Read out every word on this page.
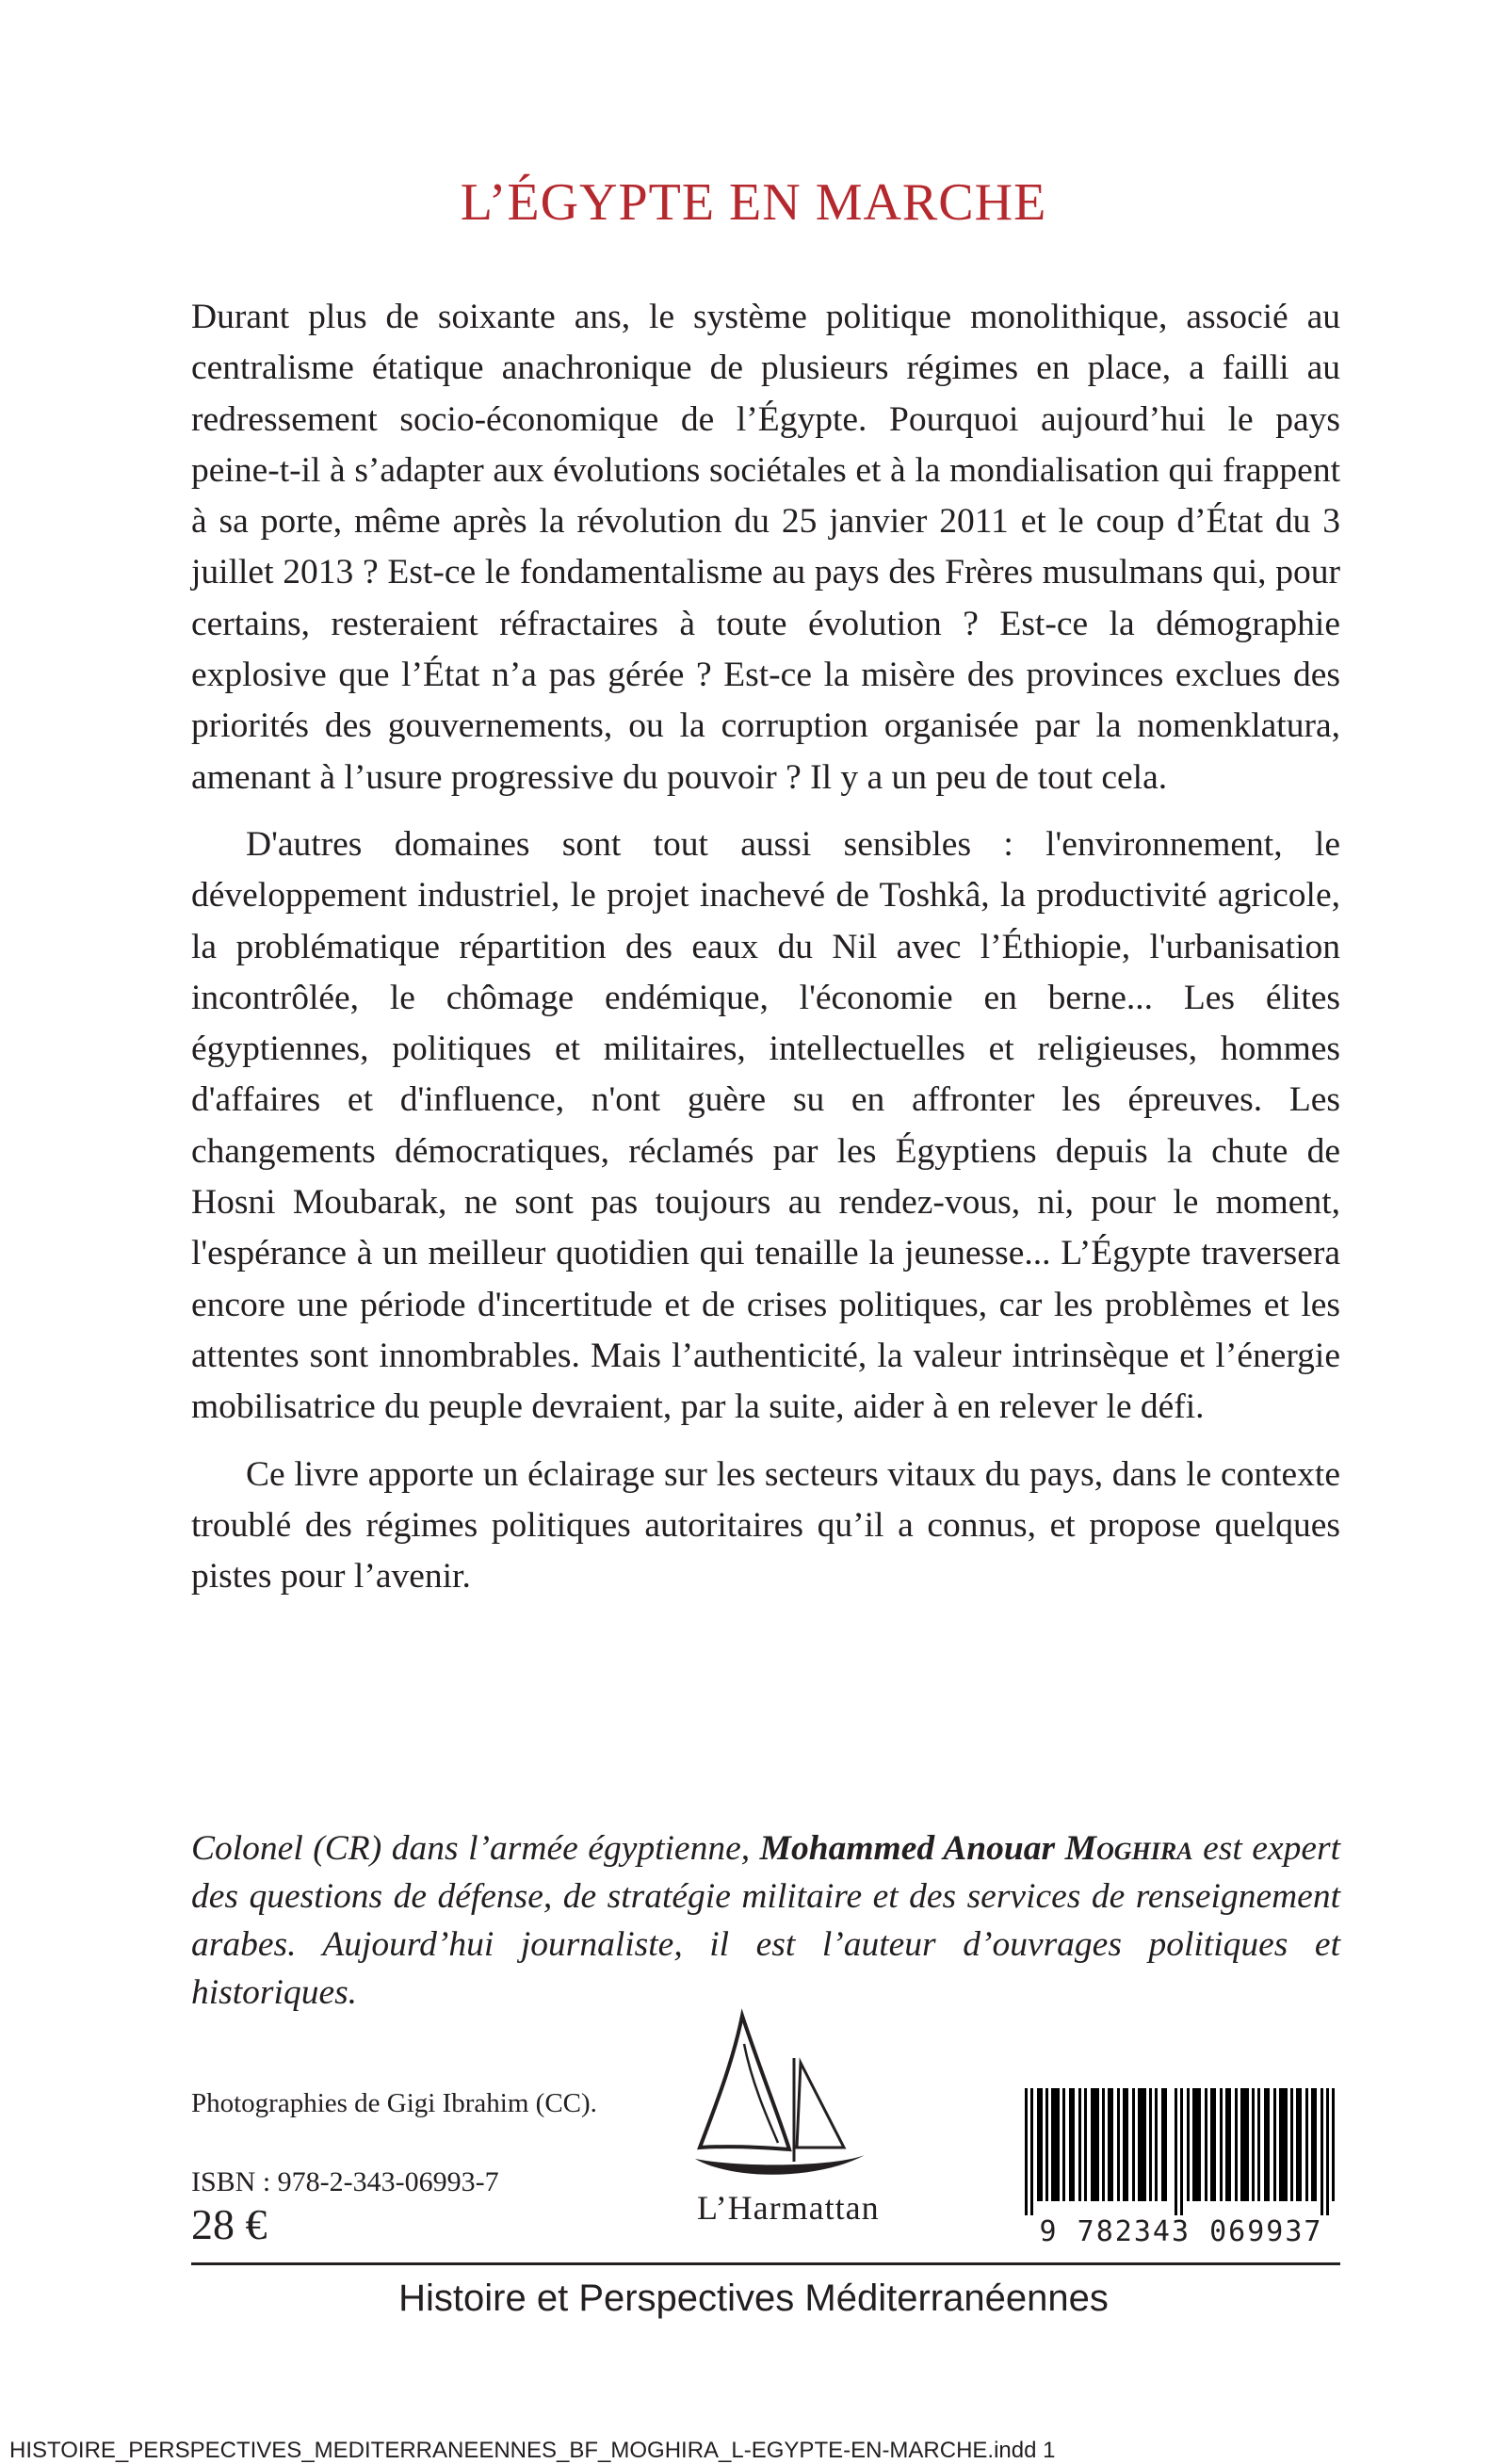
L’ÉGYPTE EN MARCHE

Durant plus de soixante ans, le système politique monolithique, associé au centralisme étatique anachronique de plusieurs régimes en place, a failli au redressement socio-économique de l’Égypte. Pourquoi aujourd’hui le pays peine-t-il à s’adapter aux évolutions sociétales et à la mondialisation qui frappent à sa porte, même après la révolution du 25 janvier 2011 et le coup d’État du 3 juillet 2013 ? Est-ce le fondamentalisme au pays des Frères musulmans qui, pour certains, resteraient réfractaires à toute évolution ? Est-ce la démographie explosive que l’État n’a pas gérée ? Est-ce la misère des provinces exclues des priorités des gouvernements, ou la corruption organisée par la nomenklatura, amenant à l’usure progressive du pouvoir ? Il y a un peu de tout cela.

D'autres domaines sont tout aussi sensibles : l'environnement, le développement industriel, le projet inachevé de Toshkâ, la productivité agricole, la problématique répartition des eaux du Nil avec l’Éthiopie, l'urbanisation incontrôlée, le chômage endémique, l'économie en berne... Les élites égyptiennes, politiques et militaires, intellectuelles et religieuses, hommes d'affaires et d'influence, n'ont guère su en affronter les épreuves. Les changements démocratiques, réclamés par les Égyptiens depuis la chute de Hosni Moubarak, ne sont pas toujours au rendez-vous, ni, pour le moment, l'espérance à un meilleur quotidien qui tenaille la jeunesse... L’Égypte traversera encore une période d'incertitude et de crises politiques, car les problèmes et les attentes sont innombrables. Mais l’authenticité, la valeur intrinsèque et l’énergie mobilisatrice du peuple devraient, par la suite, aider à en relever le défi.

Ce livre apporte un éclairage sur les secteurs vitaux du pays, dans le contexte troublé des régimes politiques autoritaires qu’il a connus, et propose quelques pistes pour l’avenir.

Colonel (CR) dans l’armée égyptienne, Mohammed Anouar Moghira est expert des questions de défense, de stratégie militaire et des services de renseignement arabes. Aujourd’hui journaliste, il est l’auteur d’ouvrages politiques et historiques.

Photographies de Gigi Ibrahim (CC).

ISBN : 978-2-343-06993-7

28 €	L’Harmattan

9 782343 069937

Histoire et Perspectives Méditerranéennes

HISTOIRE_PERSPECTIVES_MEDITERRANEENNES_BF_MOGHIRA_L-EGYPTE-EN-MARCHE.indd 1
